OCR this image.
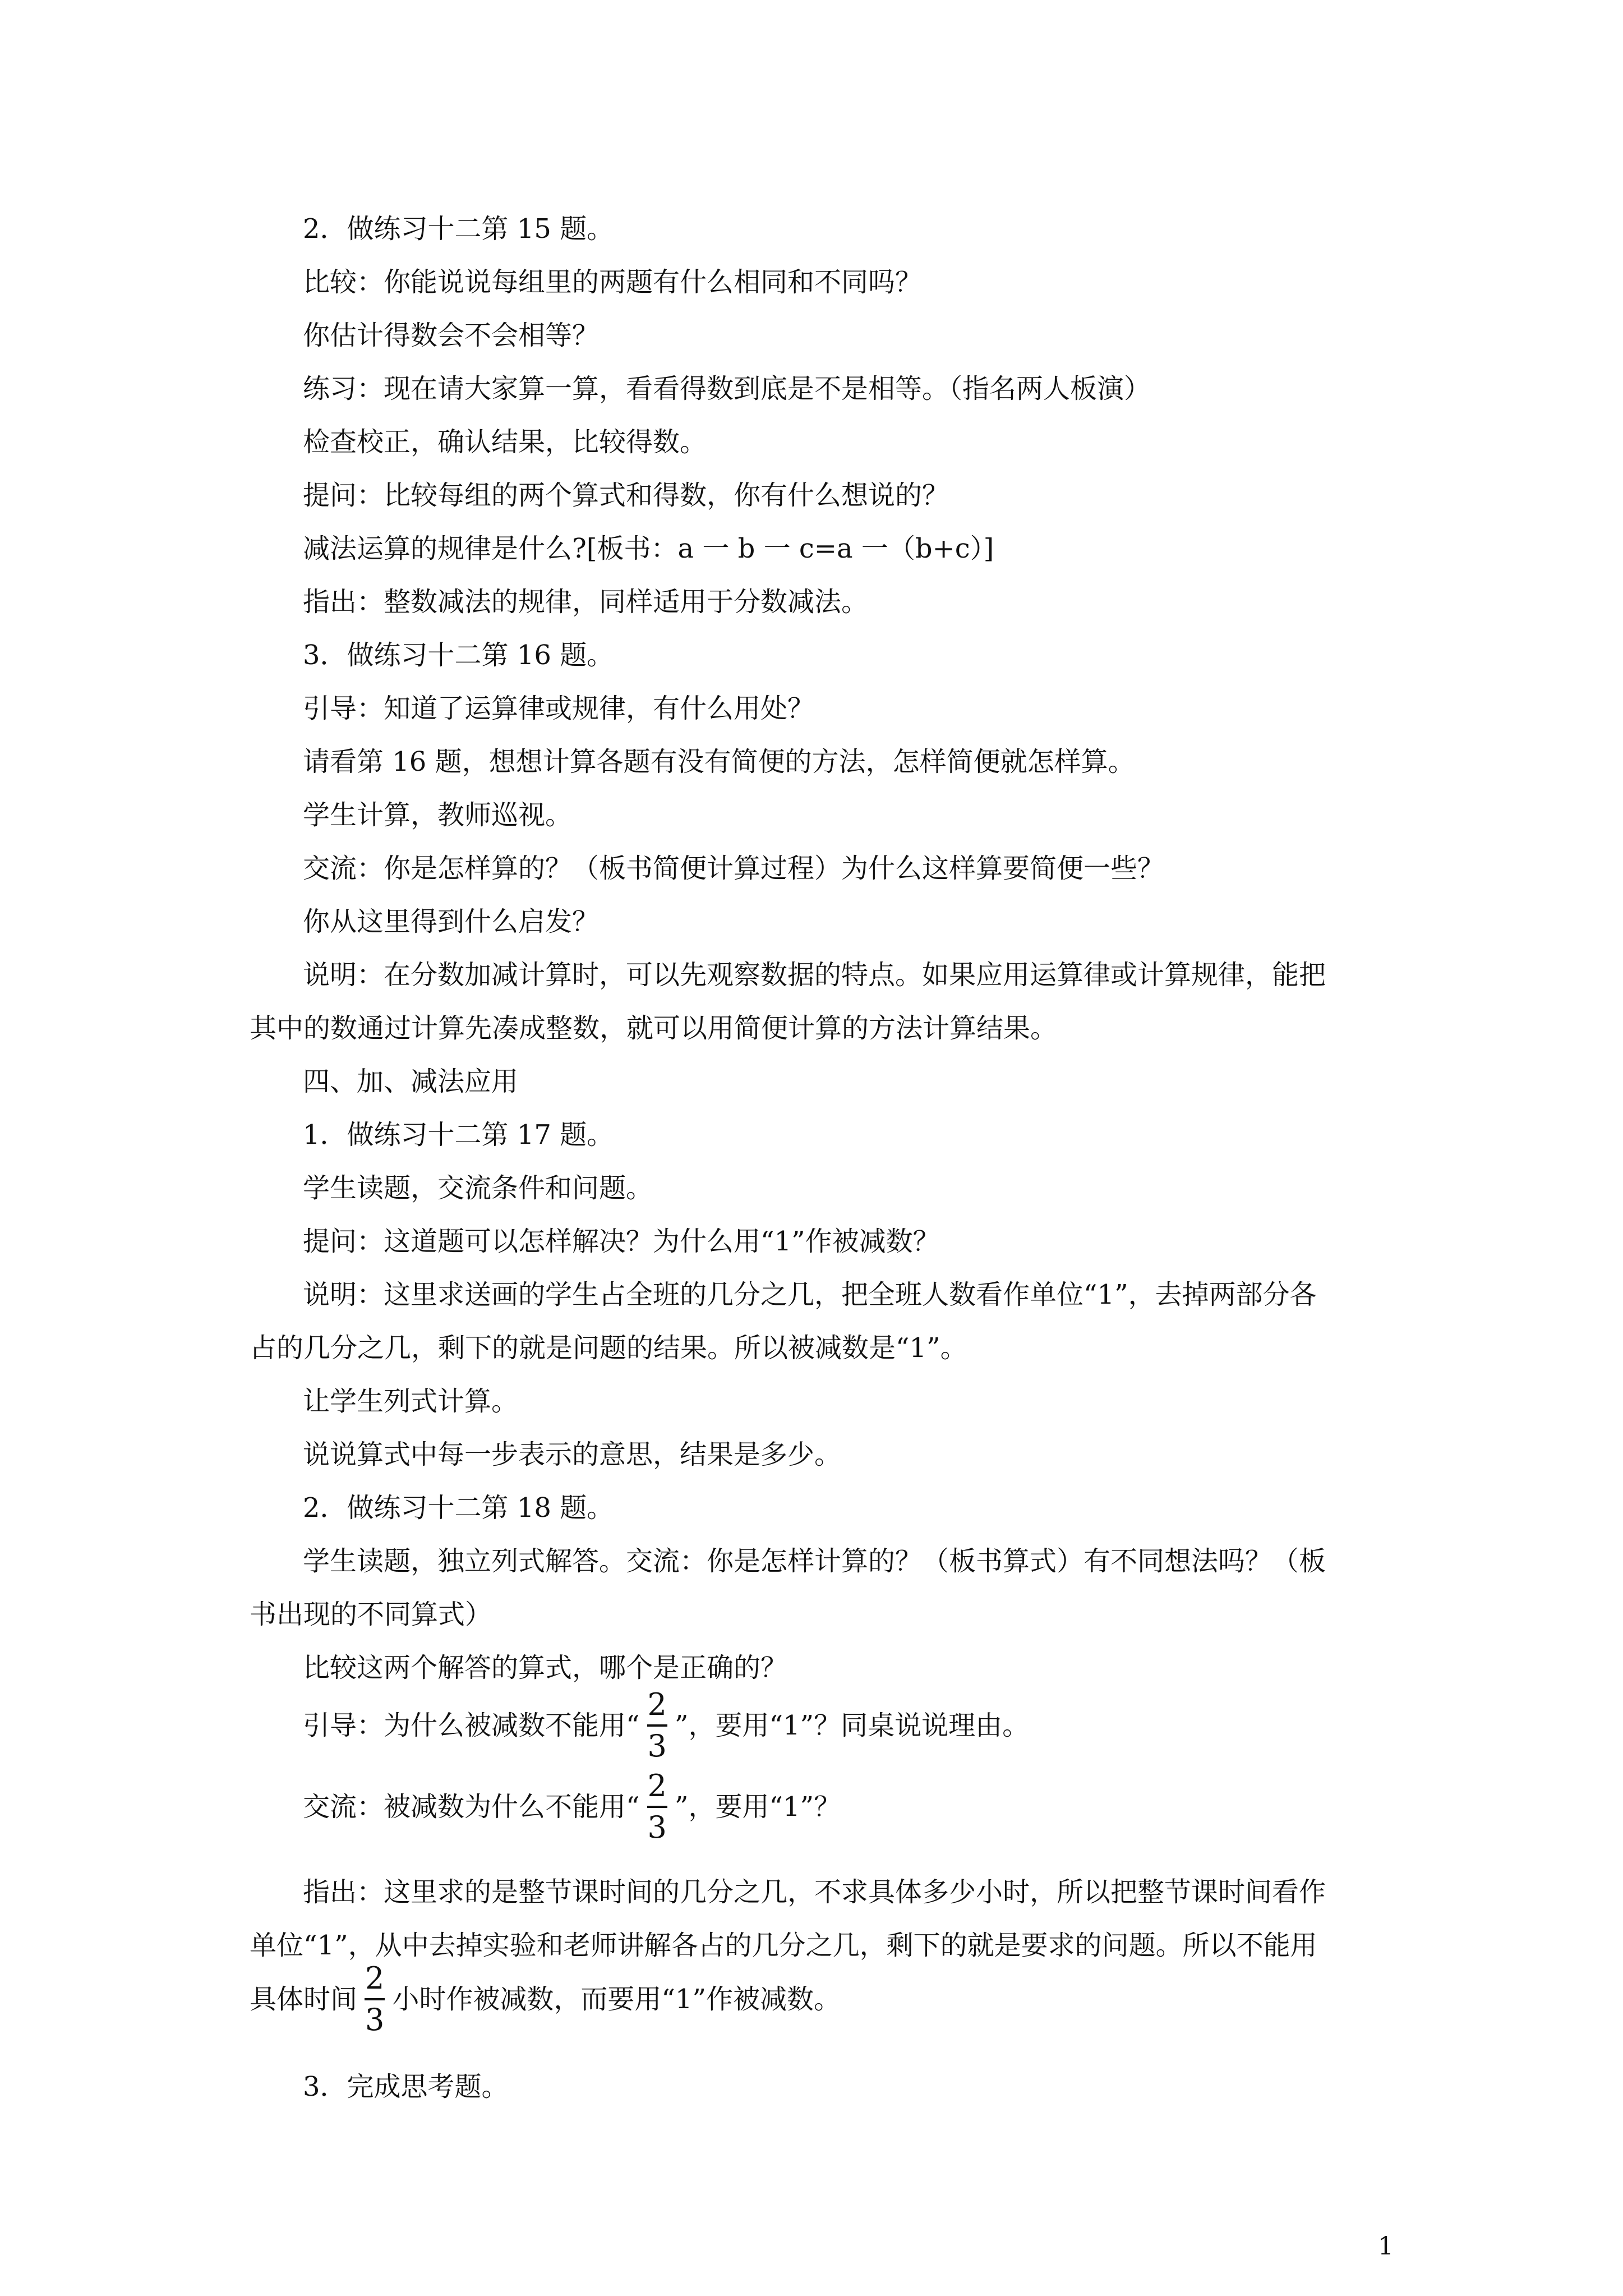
2．做练习十二第 15 题。
比较：你能说说每组里的两题有什么相同和不同吗？
你估计得数会不会相等？
练习：现在请大家算一算，看看得数到底是不是相等。（指名两人板演）
检查校正，确认结果，比较得数。
提问：比较每组的两个算式和得数，你有什么想说的？
减法运算的规律是什么?[板书：a 一 b 一 c=a 一（b+c）]
指出：整数减法的规律，同样适用于分数减法。
3．做练习十二第 16 题。
引导：知道了运算律或规律，有什么用处？
请看第 16 题，想想计算各题有没有简便的方法，怎样简便就怎样算。
学生计算，教师巡视。
交流：你是怎样算的？（板书简便计算过程）为什么这样算要简便一些？
你从这里得到什么启发？
说明：在分数加减计算时，可以先观察数据的特点。如果应用运算律或计算规律，能把
其中的数通过计算先凑成整数，就可以用简便计算的方法计算结果。
四、加、减法应用
1．做练习十二第 17 题。
学生读题，交流条件和问题。
提问：这道题可以怎样解决？为什么用“1”作被减数？
说明：这里求送画的学生占全班的几分之几，把全班人数看作单位“1”，去掉两部分各
占的几分之几，剩下的就是问题的结果。所以被减数是“1”。
让学生列式计算。
说说算式中每一步表示的意思，结果是多少。
2．做练习十二第 18 题。
学生读题，独立列式解答。交流：你是怎样计算的？（板书算式）有不同想法吗？（板
书出现的不同算式）
比较这两个解答的算式，哪个是正确的？
引导：为什么被减数不能用“ $\frac{2}{3}$ ”，要用“1”？同桌说说理由。
交流：被减数为什么不能用“ $\frac{2}{3}$ ”，要用“1”？
指出：这里求的是整节课时间的几分之几，不求具体多少小时，所以把整节课时间看作
单位“1”，从中去掉实验和老师讲解各占的几分之几，剩下的就是要求的问题。所以不能用
具体时间 $\frac{2}{3}$ 小时作被减数，而要用“1”作被减数。
3．完成思考题。
1
